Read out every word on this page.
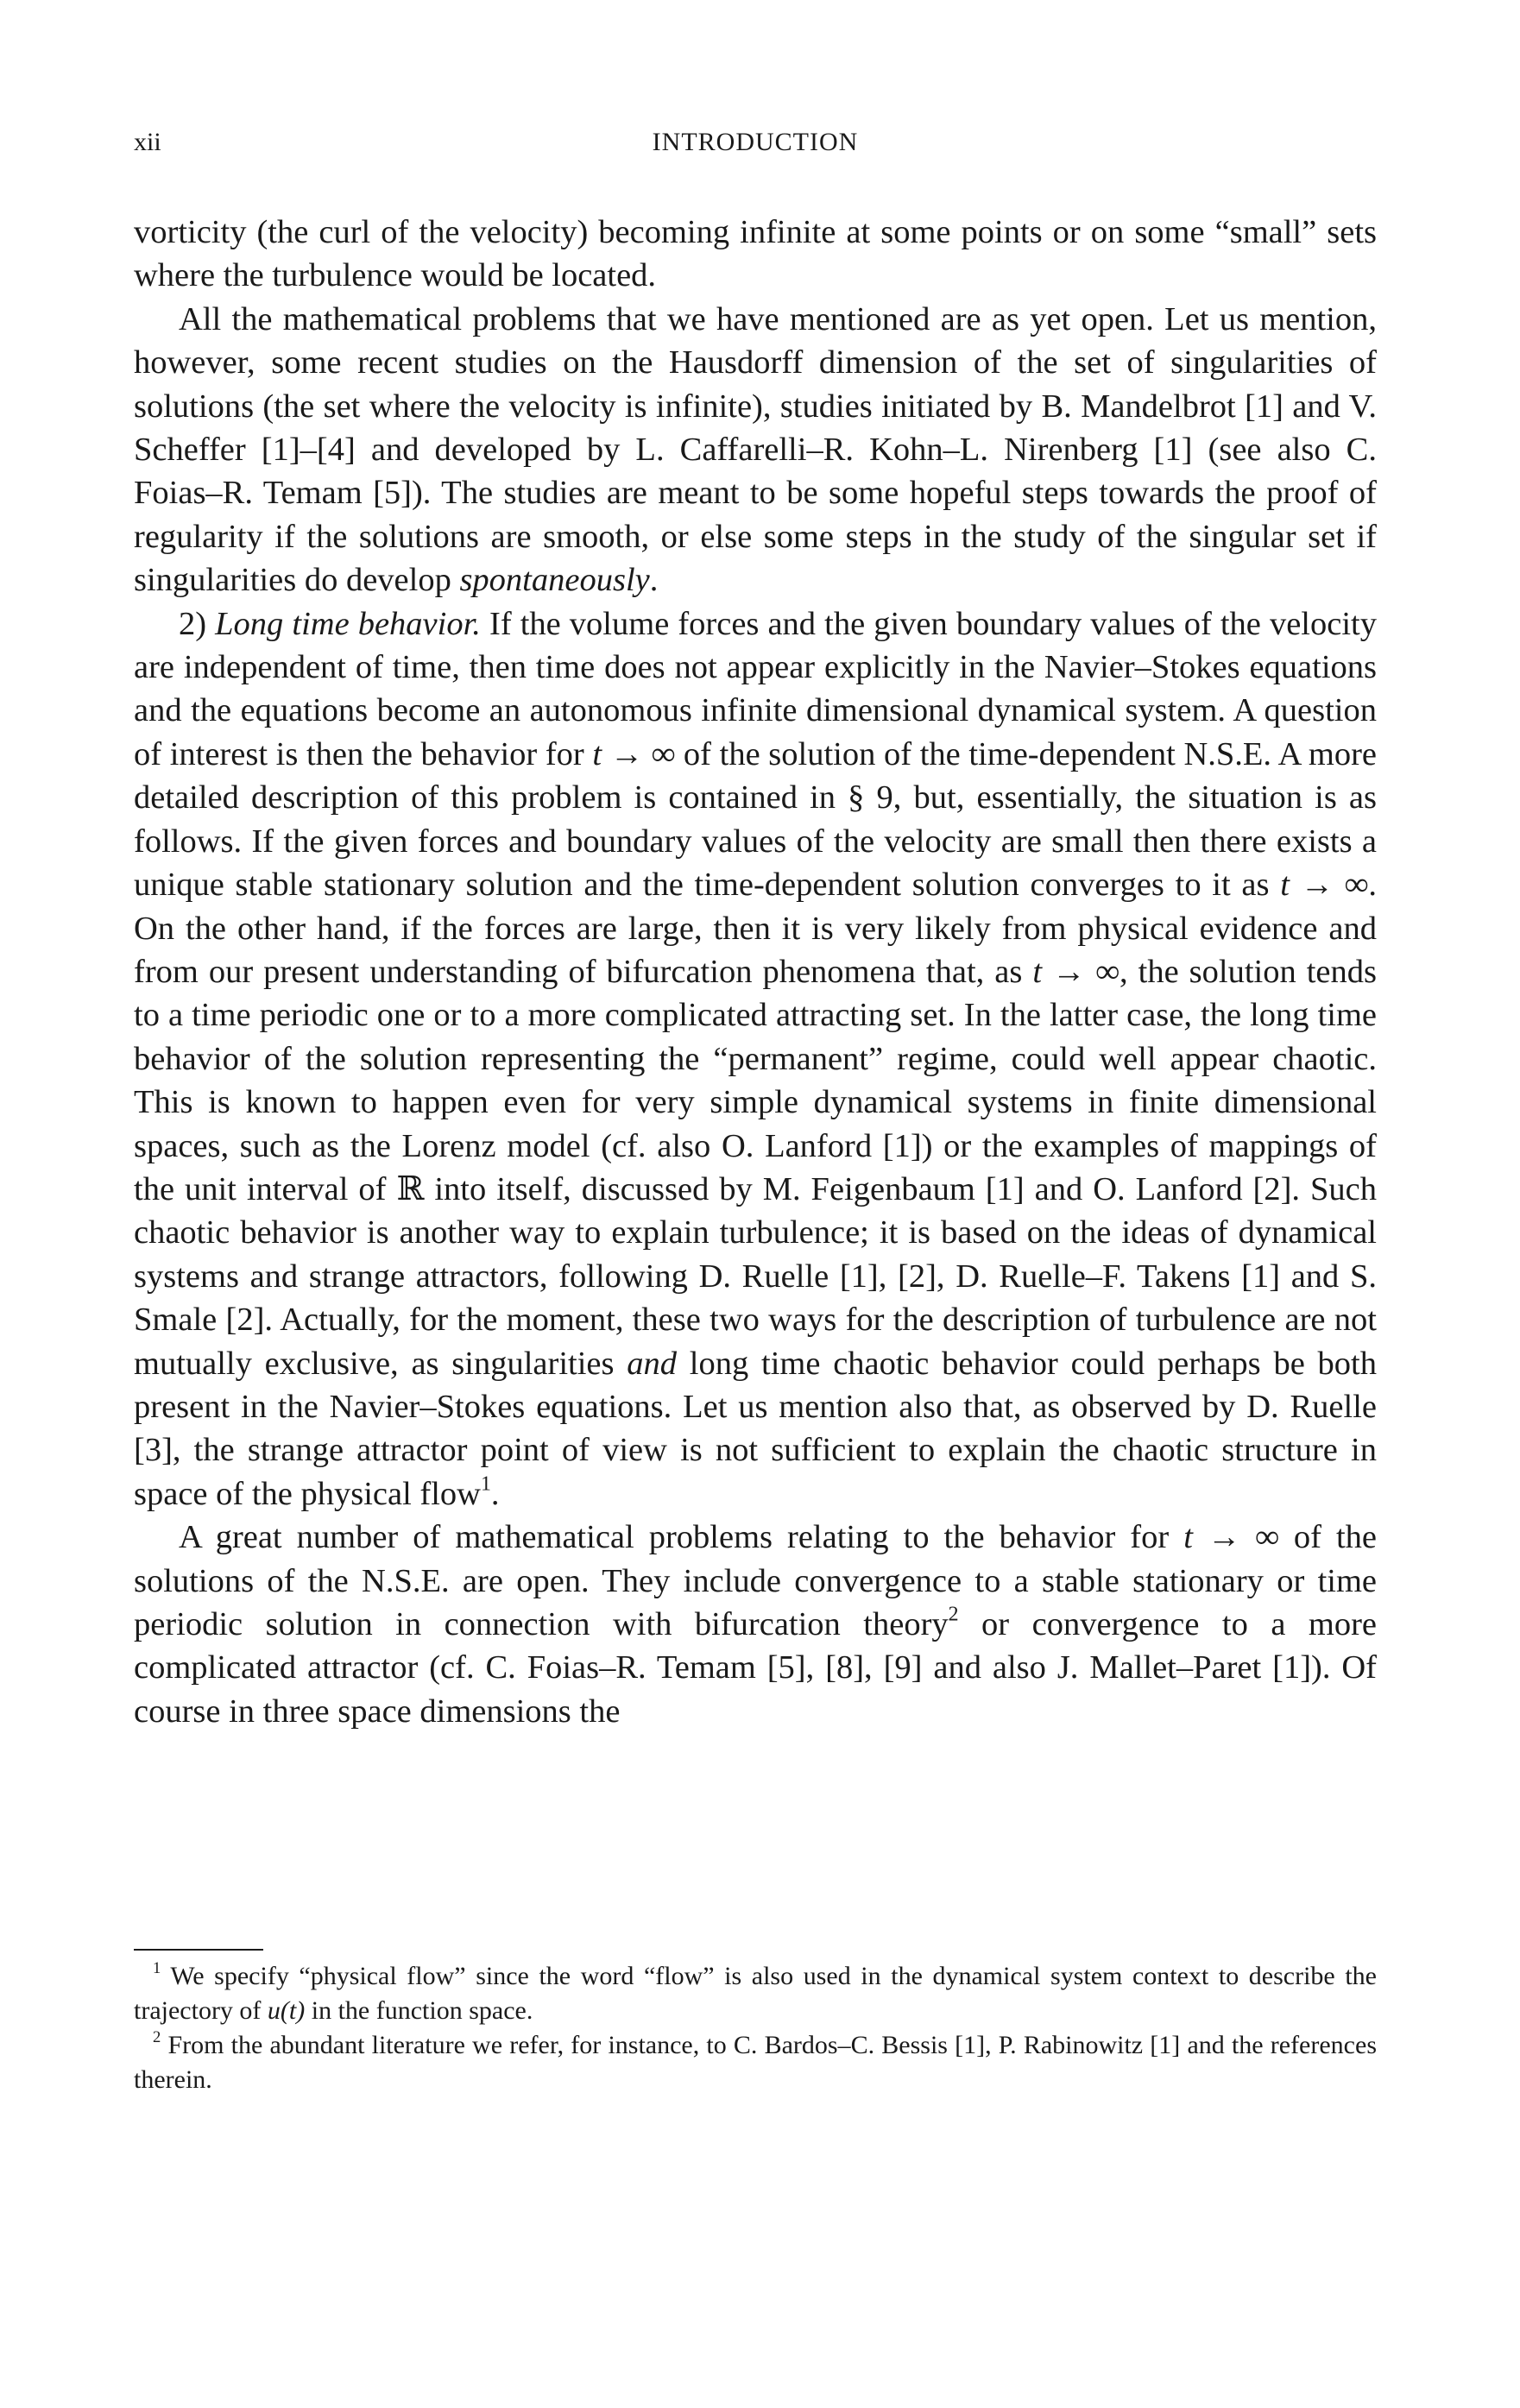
xii	INTRODUCTION

vorticity (the curl of the velocity) becoming infinite at some points or on some “small” sets where the turbulence would be located.

All the mathematical problems that we have mentioned are as yet open. Let us mention, however, some recent studies on the Hausdorff dimension of the set of singularities of solutions (the set where the velocity is infinite), studies initiated by B. Mandelbrot [1] and V. Scheffer [1]–[4] and developed by L. Caffarelli–R. Kohn–L. Nirenberg [1] (see also C. Foias–R. Temam [5]). The studies are meant to be some hopeful steps towards the proof of regularity if the solutions are smooth, or else some steps in the study of the singular set if singularities do develop spontaneously.

2) Long time behavior. If the volume forces and the given boundary values of the velocity are independent of time, then time does not appear explicitly in the Navier–Stokes equations and the equations become an autonomous infinite dimensional dynamical system. A question of interest is then the behavior for t → ∞ of the solution of the time-dependent N.S.E. A more detailed description of this problem is contained in § 9, but, essentially, the situation is as follows. If the given forces and boundary values of the velocity are small then there exists a unique stable stationary solution and the time-dependent solution converges to it as t → ∞. On the other hand, if the forces are large, then it is very likely from physical evidence and from our present understanding of bifurcation phenomena that, as t → ∞, the solution tends to a time periodic one or to a more complicated attracting set. In the latter case, the long time behavior of the solution representing the “permanent” regime, could well appear chaotic. This is known to happen even for very simple dynamical systems in finite dimensional spaces, such as the Lorenz model (cf. also O. Lanford [1]) or the examples of mappings of the unit interval of ℝ into itself, discussed by M. Feigenbaum [1] and O. Lanford [2]. Such chaotic behavior is another way to explain turbulence; it is based on the ideas of dynamical systems and strange attractors, following D. Ruelle [1], [2], D. Ruelle–F. Takens [1] and S. Smale [2]. Actually, for the moment, these two ways for the description of turbulence are not mutually exclusive, as singularities and long time chaotic behavior could perhaps be both present in the Navier–Stokes equations. Let us mention also that, as observed by D. Ruelle [3], the strange attractor point of view is not sufficient to explain the chaotic structure in space of the physical flow$^1$.

A great number of mathematical problems relating to the behavior for t → ∞ of the solutions of the N.S.E. are open. They include convergence to a stable stationary or time periodic solution in connection with bifurcation theory$^2$ or convergence to a more complicated attractor (cf. C. Foias–R. Temam [5], [8], [9] and also J. Mallet–Paret [1]). Of course in three space dimensions the

$^1$ We specify “physical flow” since the word “flow” is also used in the dynamical system context to describe the trajectory of u(t) in the function space.

$^2$ From the abundant literature we refer, for instance, to C. Bardos–C. Bessis [1], P. Rabinowitz [1] and the references therein.
